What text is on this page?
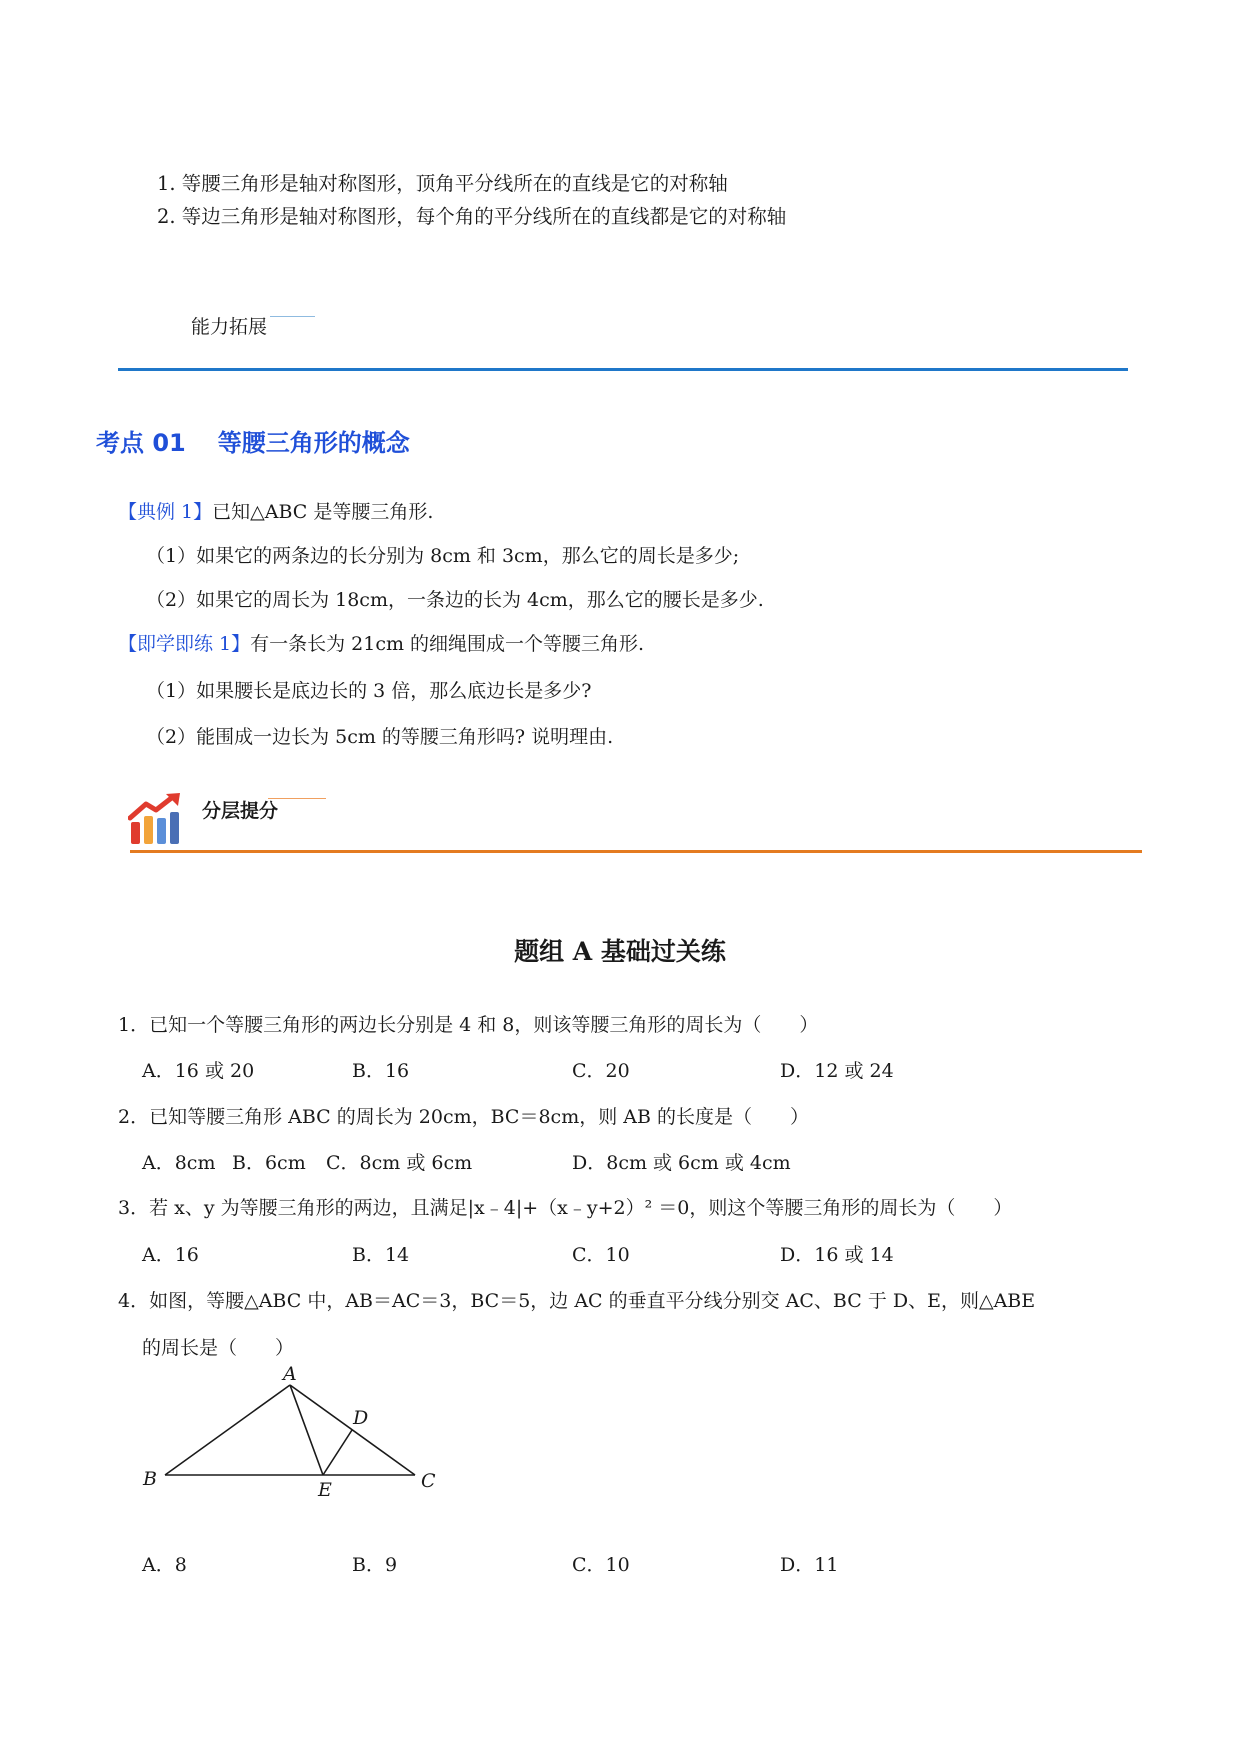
1. 等腰三角形是轴对称图形，顶角平分线所在的直线是它的对称轴
2. 等边三角形是轴对称图形，每个角的平分线所在的直线都是它的对称轴
能力拓展
考点 01 等腰三角形的概念
【典例 1】已知△ABC 是等腰三角形.
（1）如果它的两条边的长分别为 8cm 和 3cm，那么它的周长是多少;
（2）如果它的周长为 18cm，一条边的长为 4cm，那么它的腰长是多少.
【即学即练 1】有一条长为 21cm 的细绳围成一个等腰三角形.
（1）如果腰长是底边长的 3 倍，那么底边长是多少?
（2）能围成一边长为 5cm 的等腰三角形吗? 说明理由.
分层提分
题组 A 基础过关练
1．已知一个等腰三角形的两边长分别是 4 和 8，则该等腰三角形的周长为（　　）
A．16 或 20	B．16	C．20	D．12 或 24
2．已知等腰三角形 ABC 的周长为 20cm，BC＝8cm，则 AB 的长度是（　　）
A．8cm B．6cm C．8cm 或 6cm	D．8cm 或 6cm 或 4cm
3．若 x、y 为等腰三角形的两边，且满足|x﹣4|+（x﹣y+2）² ＝0，则这个等腰三角形的周长为（　　）
A．16	B．14	C．10	D．16 或 14
4．如图，等腰△ABC 中，AB＝AC＝3，BC＝5，边 AC 的垂直平分线分别交 AC、BC 于 D、E，则△ABE
的周长是（　　）
A
B	C
D
E
A．8	B．9	C．10	D．11
